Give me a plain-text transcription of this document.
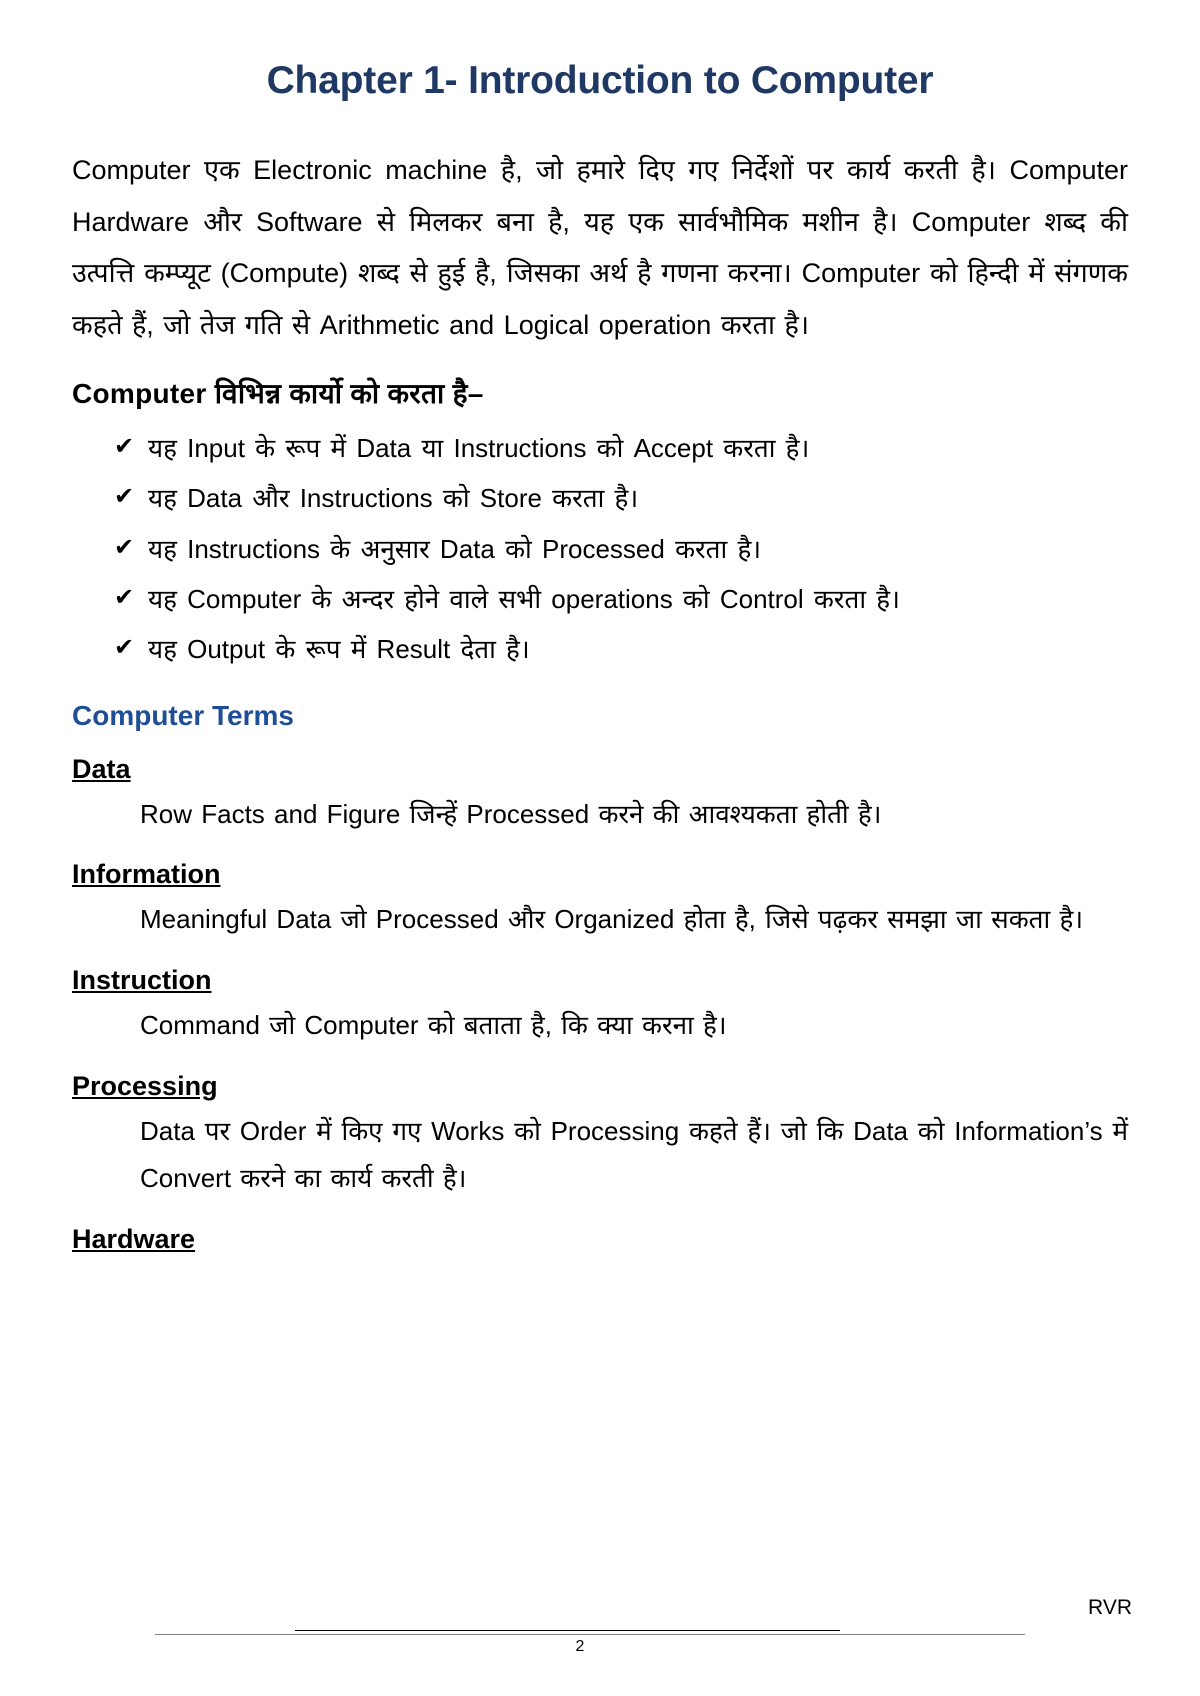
Chapter 1- Introduction to Computer

Computer एक Electronic machine है, जो हमारे दिए गए निर्देशों पर कार्य करती है। Computer Hardware और Software से मिलकर बना है, यह एक सार्वभौमिक मशीन है। Computer शब्द की उत्पत्ति कम्प्यूट (Compute) शब्द से हुई है, जिसका अर्थ है गणना करना। Computer को हिन्दी में संगणक कहते हैं, जो तेज गति से Arithmetic and Logical operation करता है।

Computer विभिन्न कार्यो को करता है–

✔ यह Input के रूप में Data या Instructions को Accept करता है।
✔ यह Data और Instructions को Store करता है।
✔ यह Instructions के अनुसार Data को Processed करता है।
✔ यह Computer के अन्दर होने वाले सभी operations को Control करता है।
✔ यह Output के रूप में Result देता है।

Computer Terms

Data

Row Facts and Figure जिन्हें Processed करने की आवश्यकता होती है।

Information

Meaningful Data जो Processed और Organized होता है, जिसे पढ़कर समझा जा सकता है।

Instruction

Command जो Computer को बताता है, कि क्या करना है।

Processing

Data पर Order में किए गए Works को Processing कहते हैं। जो कि Data को Information’s में Convert करने का कार्य करती है।

Hardware

RVR
2
